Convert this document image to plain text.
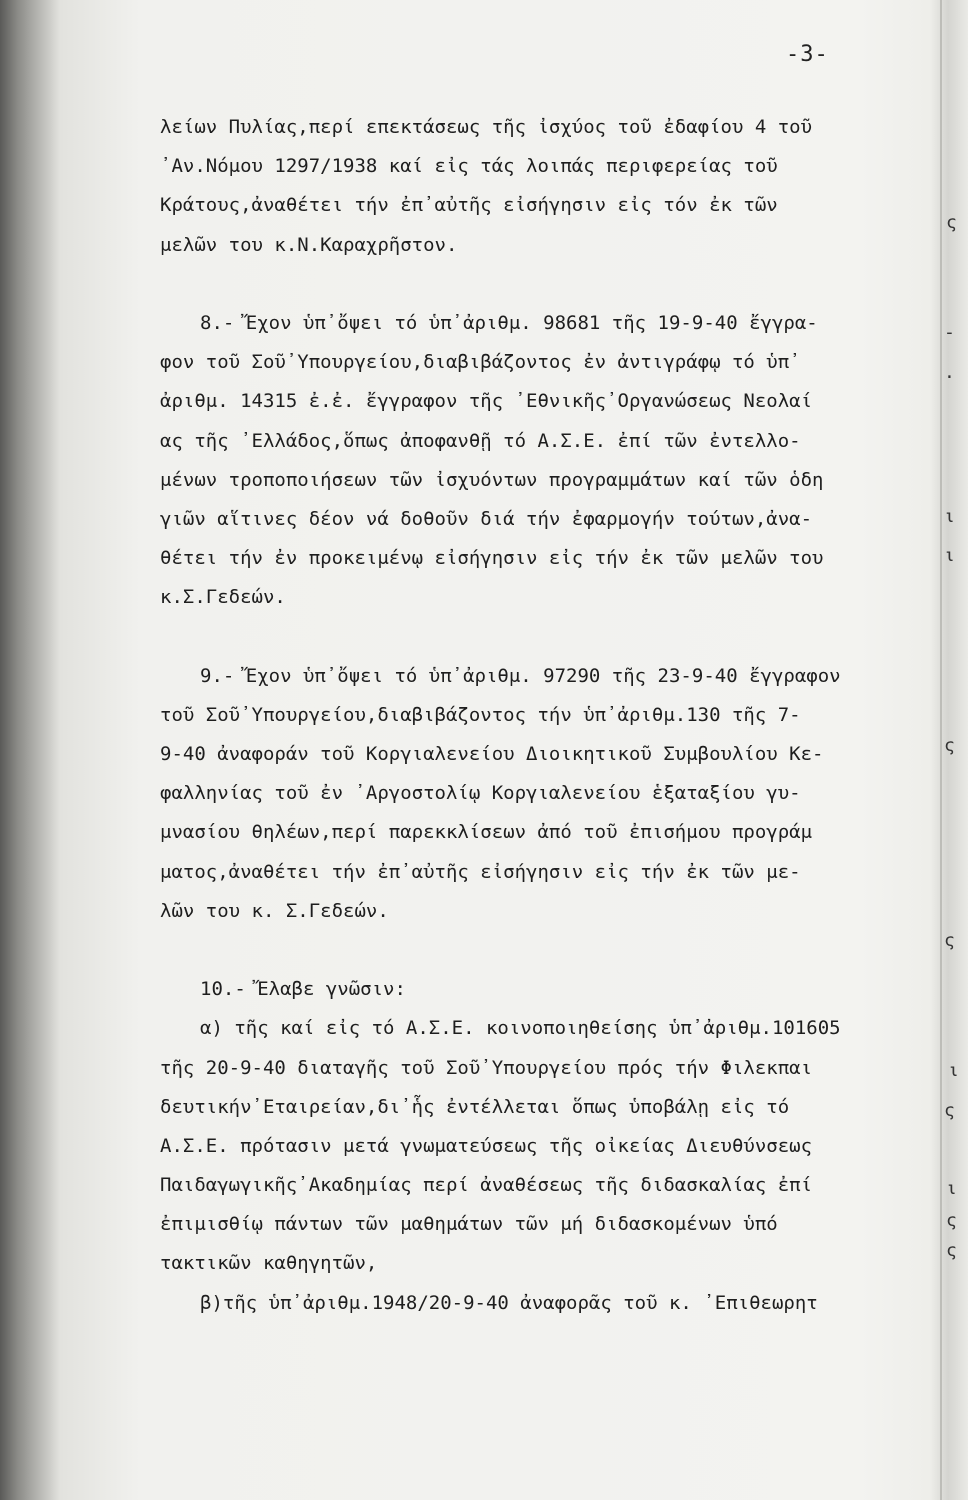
-3-
λείων Πυλίας,περί επεκτάσεως τῆς ἰσχύος τοῦ ἐδαφίου 4 τοῦ
᾽Αν.Νόμου 1297/1938 καί εἰς τάς λοιπάς περιφερείας τοῦ
Κράτους,ἀναθέτει τήν ἐπ᾽αὐτῆς εἰσήγησιν εἰς τόν ἐκ τῶν
μελῶν του κ.Ν.Καραχρῆστον.
8.- Ἔχον ὑπ᾽ὄψει τό ὑπ᾽ἀριθμ. 98681 τῆς 19-9-40 ἔγγρα-
φον τοῦ Σοῦ᾽Υπουργείου,διαβιβάζοντος ἐν ἀντιγράφῳ τό ὑπ᾽
ἀριθμ. 14315 ἐ.ἐ. ἔγγραφον τῆς ᾽Εθνικῆς᾽Οργανώσεως Νεολαί
ας τῆς ᾽Ελλάδος,ὅπως ἀποφανθῇ τό Α.Σ.Ε. ἐπί τῶν ἐντελλο-
μένων τροποποιήσεων τῶν ἰσχυόντων προγραμμάτων καί τῶν ὁδη
γιῶν αἵτινες δέον νά δοθοῦν διά τήν ἐφαρμογήν τούτων,ἀνα-
θέτει τήν ἐν προκειμένῳ εἰσήγησιν εἰς τήν ἐκ τῶν μελῶν του
κ.Σ.Γεδεών.
9.- Ἔχον ὑπ᾽ὄψει τό ὑπ᾽ἀριθμ. 97290 τῆς 23-9-40 ἔγγραφον
τοῦ Σοῦ᾽Υπουργείου,διαβιβάζοντος τήν ὑπ᾽ἀριθμ.130 τῆς 7-
9-40 ἀναφοράν τοῦ Κοργιαλενείου Διοικητικοῦ Συμβουλίου Κε-
φαλληνίας τοῦ ἐν ᾽Αργοστολίῳ Κοργιαλενείου ἑξαταξίου γυ-
μνασίου θηλέων,περί παρεκκλίσεων ἀπό τοῦ ἐπισήμου προγράμ
ματος,ἀναθέτει τήν ἐπ᾽αὐτῆς εἰσήγησιν εἰς τήν ἐκ τῶν με-
λῶν του κ. Σ.Γεδεών.
10.- Ἔλαβε γνῶσιν:
α) τῆς καί εἰς τό Α.Σ.Ε. κοινοποιηθείσης ὑπ᾽ἀριθμ.101605
τῆς 20-9-40 διαταγῆς τοῦ Σοῦ᾽Υπουργείου πρός τήν Φιλεκπαι
δευτικήν᾽Εταιρείαν,δι᾽ἧς ἐντέλλεται ὅπως ὑποβάλῃ εἰς τό
Α.Σ.Ε. πρότασιν μετά γνωματεύσεως τῆς οἰκείας Διευθύνσεως
Παιδαγωγικῆς᾽Ακαδημίας περί ἀναθέσεως τῆς διδασκαλίας ἐπί
ἐπιμισθίῳ πάντων τῶν μαθημάτων τῶν μή διδασκομένων ὑπό
τακτικῶν καθηγητῶν,
β)τῆς ὑπ᾽ἀριθμ.1948/20-9-40 ἀναφορᾶς τοῦ κ. ᾽Επιθεωρητ
ς
-
.
ι
ι
ς
ς
ι
ς
ς
ι
ς
